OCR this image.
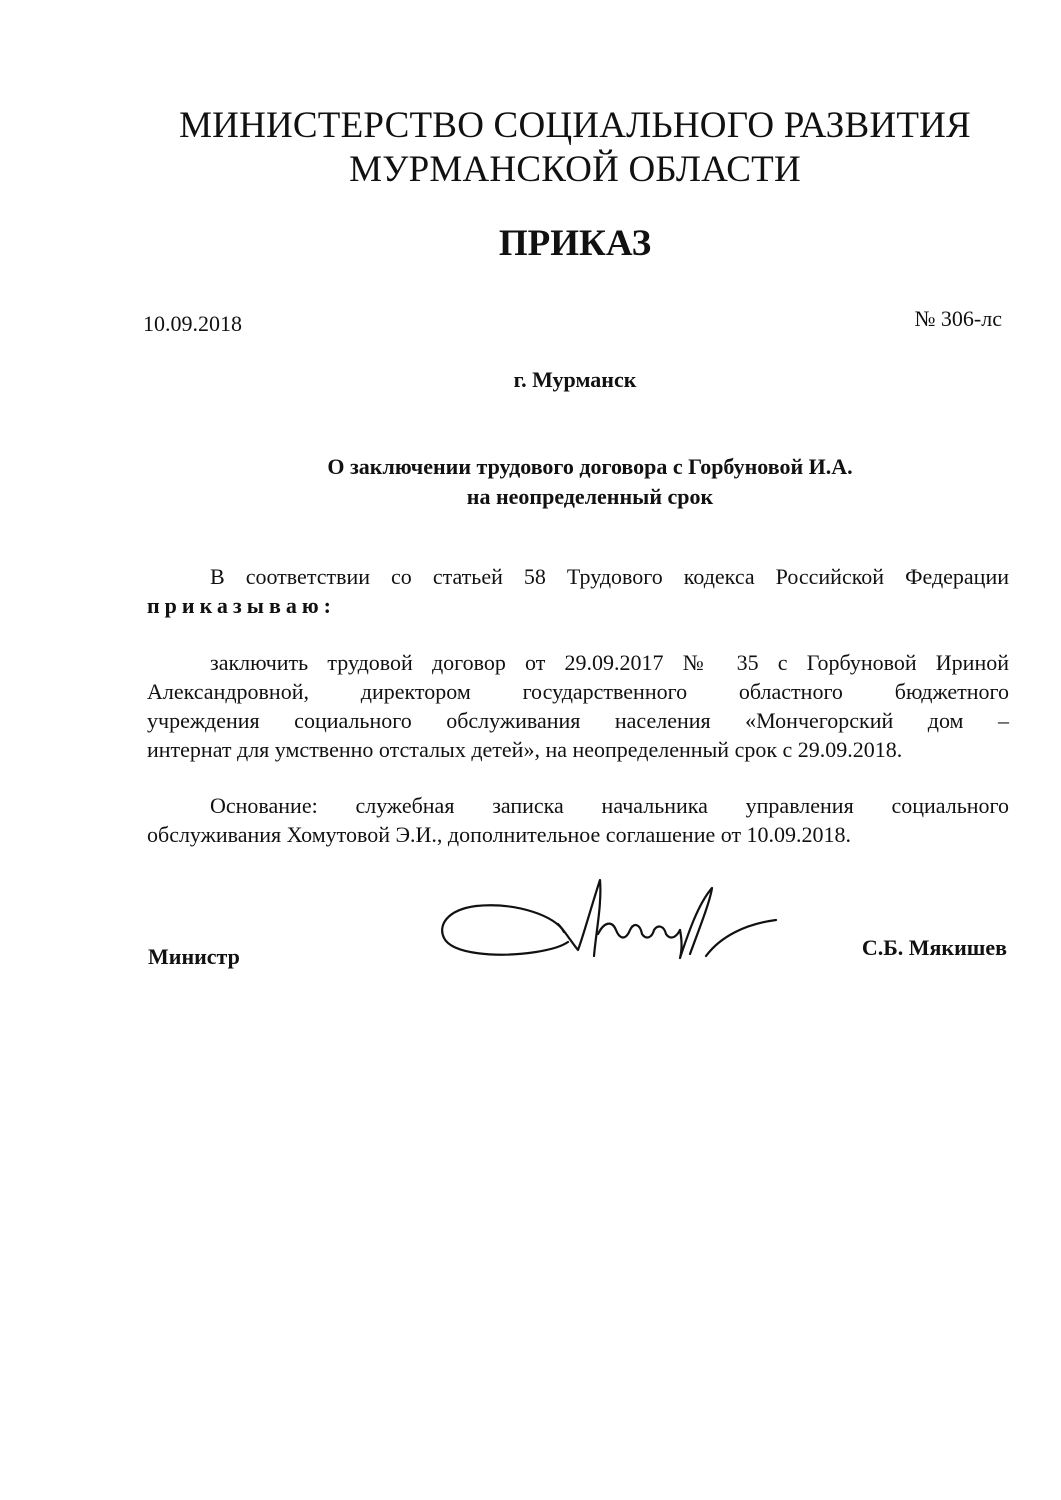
МИНИСТЕРСТВО СОЦИАЛЬНОГО РАЗВИТИЯ
МУРМАНСКОЙ ОБЛАСТИ
ПРИКАЗ
10.09.2018	№ 306-лс
г. Мурманск
О заключении трудового договора с Горбуновой И.А.
на неопределенный срок
В соответствии со статьей 58 Трудового кодекса Российской Федерации
приказываю:
заключить трудовой договор от 29.09.2017 № 35 с Горбуновой Ириной
Александровной, директором государственного областного бюджетного
учреждения социального обслуживания населения «Мончегорский дом –
интернат для умственно отсталых детей», на неопределенный срок с 29.09.2018.
Основание: служебная записка начальника управления социального
обслуживания Хомутовой Э.И., дополнительное соглашение от 10.09.2018.
Министр	С.Б. Мякишев
